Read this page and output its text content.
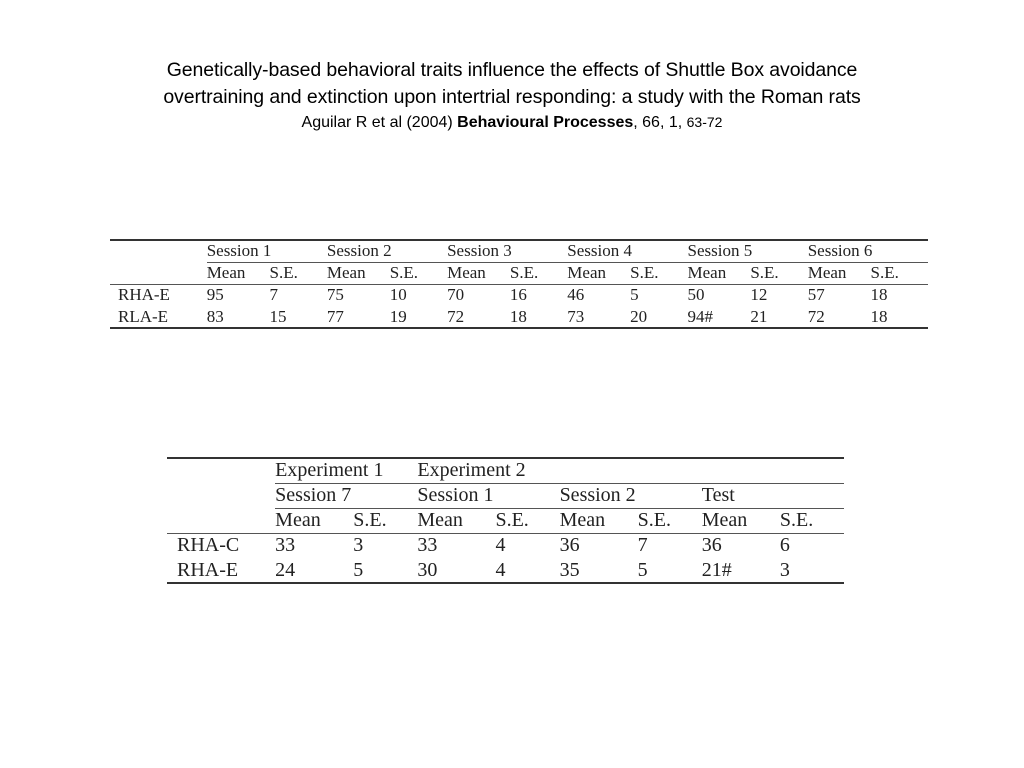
Genetically-based behavioral traits influence the effects of Shuttle Box avoidance
overtraining and extinction upon intertrial responding: a study with the Roman rats
Aguilar R et al (2004) Behavioural Processes, 66, 1, 63-72
	Session 1		Session 2		Session 3		Session 4		Session 5		Session 6	
	Mean	S.E.	Mean	S.E.	Mean	S.E.	Mean	S.E.	Mean	S.E.	Mean	S.E.
RHA-E	95	7	75	10	70	16	46	5	50	12	57	18
RLA-E	83	15	77	19	72	18	73	20	94#	21	72	18
	Experiment 1		Experiment 2					
	Session 7		Session 1		Session 2		Test	
	Mean	S.E.	Mean	S.E.	Mean	S.E.	Mean	S.E.
RHA-C	33	3	33	4	36	7	36	6
RHA-E	24	5	30	4	35	5	21#	3
